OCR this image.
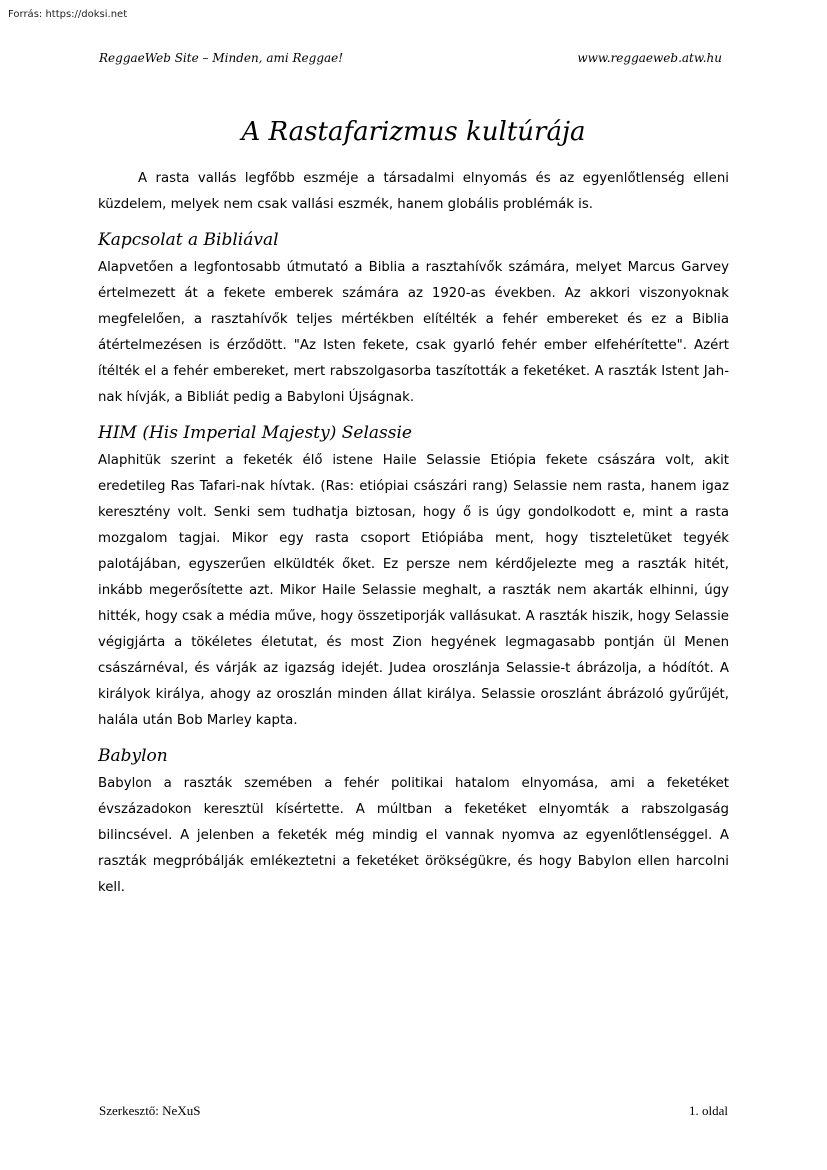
Forrás: https://doksi.net
ReggaeWeb Site – Minden, ami Reggae!	www.reggaeweb.atw.hu
A Rastafarizmus kultúrája

A rasta vallás legfőbb eszméje a társadalmi elnyomás és az egyenlőtlenség elleni küzdelem, melyek nem csak vallási eszmék, hanem globális problémák is.

Kapcsolat a Bibliával

Alapvetően a legfontosabb útmutató a Biblia a rasztahívők számára, melyet Marcus Garvey értelmezett át a fekete emberek számára az 1920-as években. Az akkori viszonyoknak megfelelően, a rasztahívők teljes mértékben elítélték a fehér embereket és ez a Biblia átértelmezésen is érződött. "Az Isten fekete, csak gyarló fehér ember elfehérítette". Azért ítélték el a fehér embereket, mert rabszolgasorba taszították a feketéket. A raszták Istent Jah-nak hívják, a Bibliát pedig a Babyloni Újságnak.

HIM (His Imperial Majesty) Selassie

Alaphitük szerint a feketék élő istene Haile Selassie Etiópia fekete császára volt, akit eredetileg Ras Tafari-nak hívtak. (Ras: etiópiai császári rang) Selassie nem rasta, hanem igaz keresztény volt. Senki sem tudhatja biztosan, hogy ő is úgy gondolkodott e, mint a rasta mozgalom tagjai. Mikor egy rasta csoport Etiópiába ment, hogy tiszteletüket tegyék palotájában, egyszerűen elküldték őket. Ez persze nem kérdőjelezte meg a raszták hitét, inkább megerősítette azt. Mikor Haile Selassie meghalt, a raszták nem akarták elhinni, úgy hitték, hogy csak a média műve, hogy összetiporják vallásukat. A raszták hiszik, hogy Selassie végigjárta a tökéletes életutat, és most Zion hegyének legmagasabb pontján ül Menen császárnéval, és várják az igazság idejét. Judea oroszlánja Selassie-t ábrázolja, a hódítót. A királyok királya, ahogy az oroszlán minden állat királya. Selassie oroszlánt ábrázoló gyűrűjét, halála után Bob Marley kapta.

Babylon

Babylon a raszták szemében a fehér politikai hatalom elnyomása, ami a feketéket évszázadokon keresztül kísértette. A múltban a feketéket elnyomták a rabszolgaság bilincsével. A jelenben a feketék még mindig el vannak nyomva az egyenlőtlenséggel. A raszták megpróbálják emlékeztetni a feketéket örökségükre, és hogy Babylon ellen harcolni kell.

Szerkesztő: NeXuS	1. oldal
